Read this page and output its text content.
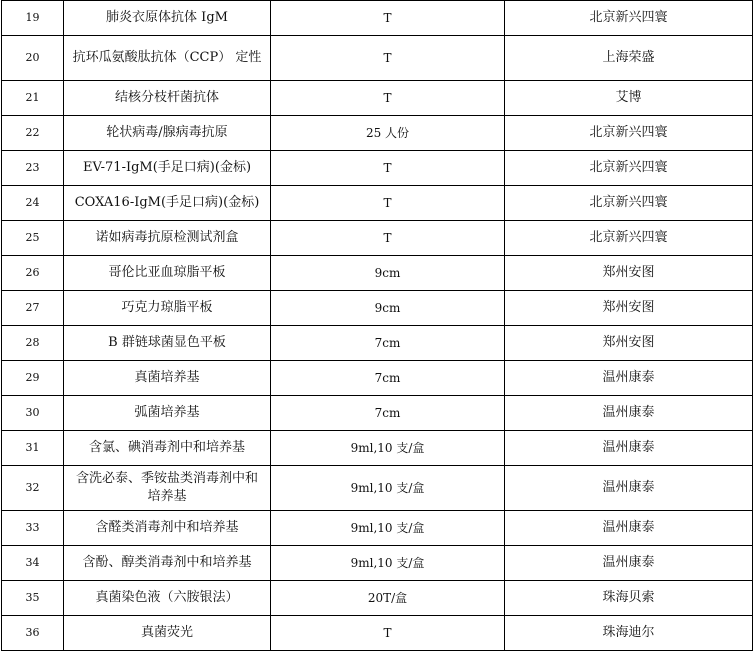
19	肺炎衣原体抗体 IgM	T	北京新兴四寰
20	抗环瓜氨酸肽抗体（CCP） 定性	T	上海荣盛
21	结核分枝杆菌抗体	T	艾博
22	轮状病毒/腺病毒抗原	25 人份	北京新兴四寰
23	EV-71-IgM(手足口病)(金标)	T	北京新兴四寰
24	COXA16-IgM(手足口病)(金标)	T	北京新兴四寰
25	诺如病毒抗原检测试剂盒	T	北京新兴四寰
26	哥伦比亚血琼脂平板	9cm	郑州安图
27	巧克力琼脂平板	9cm	郑州安图
28	B 群链球菌显色平板	7cm	郑州安图
29	真菌培养基	7cm	温州康泰
30	弧菌培养基	7cm	温州康泰
31	含氯、碘消毒剂中和培养基	9ml,10 支/盒	温州康泰
32	含洗必泰、季铵盐类消毒剂中和培养基	9ml,10 支/盒	温州康泰
33	含醛类消毒剂中和培养基	9ml,10 支/盒	温州康泰
34	含酚、醇类消毒剂中和培养基	9ml,10 支/盒	温州康泰
35	真菌染色液（六胺银法）	20T/盒	珠海贝索
36	真菌荧光	T	珠海迪尔
